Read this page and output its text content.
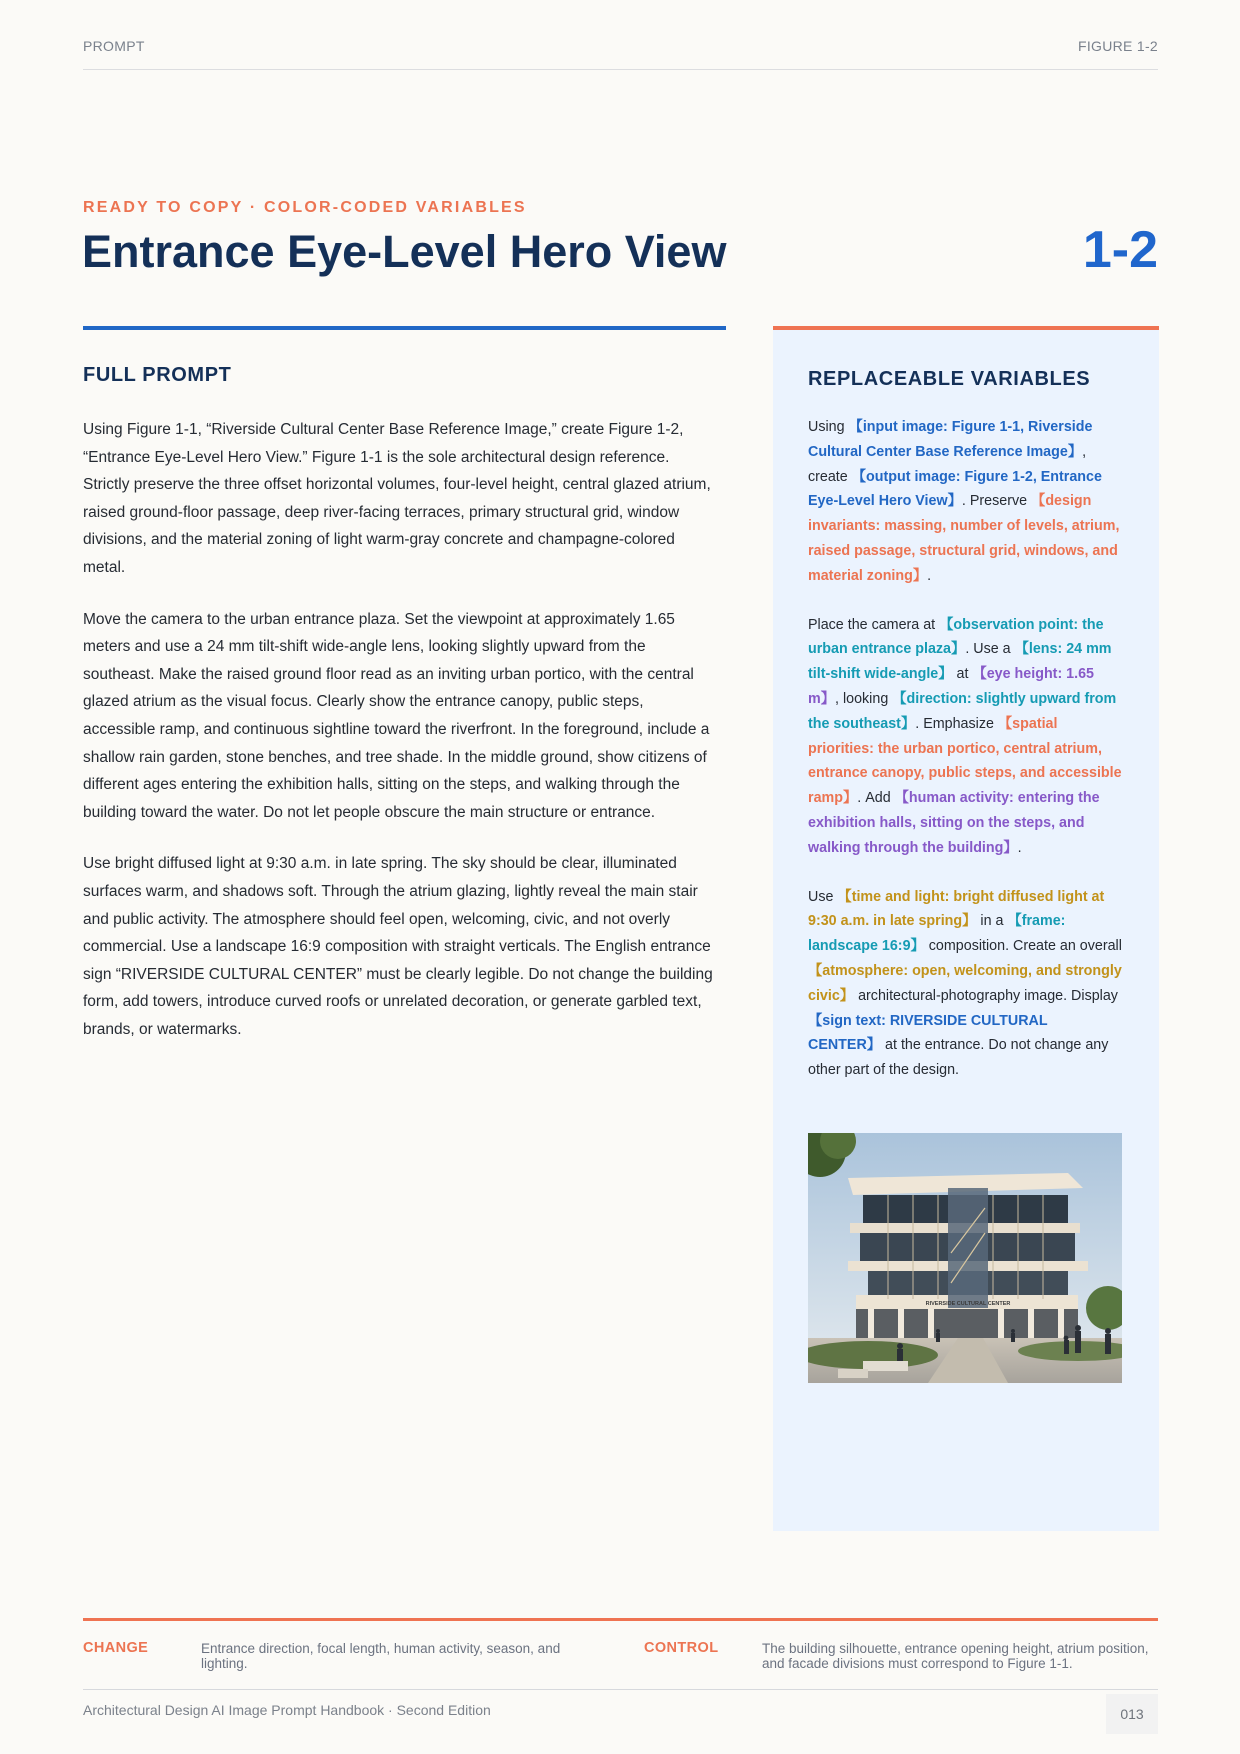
PROMPT	FIGURE 1-2
READY TO COPY · COLOR-CODED VARIABLES
Entrance Eye-Level Hero View	1-2
FULL PROMPT

Using Figure 1-1, “Riverside Cultural Center Base Reference Image,” create Figure 1-2, “Entrance Eye-Level Hero View.” Figure 1-1 is the sole architectural design reference. Strictly preserve the three offset horizontal volumes, four-level height, central glazed atrium, raised ground-floor passage, deep river-facing terraces, primary structural grid, window divisions, and the material zoning of light warm-gray concrete and champagne-colored metal.

Move the camera to the urban entrance plaza. Set the viewpoint at approximately 1.65 meters and use a 24 mm tilt-shift wide-angle lens, looking slightly upward from the southeast. Make the raised ground floor read as an inviting urban portico, with the central glazed atrium as the visual focus. Clearly show the entrance canopy, public steps, accessible ramp, and continuous sightline toward the riverfront. In the foreground, include a shallow rain garden, stone benches, and tree shade. In the middle ground, show citizens of different ages entering the exhibition halls, sitting on the steps, and walking through the building toward the water. Do not let people obscure the main structure or entrance.

Use bright diffused light at 9:30 a.m. in late spring. The sky should be clear, illuminated surfaces warm, and shadows soft. Through the atrium glazing, lightly reveal the main stair and public activity. The atmosphere should feel open, welcoming, civic, and not overly commercial. Use a landscape 16:9 composition with straight verticals. The English entrance sign “RIVERSIDE CULTURAL CENTER” must be clearly legible. Do not change the building form, add towers, introduce curved roofs or unrelated decoration, or generate garbled text, brands, or watermarks.

REPLACEABLE VARIABLES

Using 【input image: Figure 1-1, Riverside Cultural Center Base Reference Image】, create 【output image: Figure 1-2, Entrance Eye-Level Hero View】. Preserve 【design invariants: massing, number of levels, atrium, raised passage, structural grid, windows, and material zoning】.

Place the camera at 【observation point: the urban entrance plaza】. Use a 【lens: 24 mm tilt-shift wide-angle】 at 【eye height: 1.65 m】, looking 【direction: slightly upward from the southeast】. Emphasize 【spatial priorities: the urban portico, central atrium, entrance canopy, public steps, and accessible ramp】. Add 【human activity: entering the exhibition halls, sitting on the steps, and walking through the building】.

Use 【time and light: bright diffused light at 9:30 a.m. in late spring】 in a 【frame: landscape 16:9】 composition. Create an overall 【atmosphere: open, welcoming, and strongly civic】 architectural-photography image. Display 【sign text: RIVERSIDE CULTURAL CENTER】 at the entrance. Do not change any other part of the design.

RIVERSIDE CULTURAL CENTER
CHANGE	Entrance direction, focal length, human activity, season, and lighting.
CONTROL	The building silhouette, entrance opening height, atrium position, and facade divisions must correspond to Figure 1-1.
Architectural Design AI Image Prompt Handbook · Second Edition	013
